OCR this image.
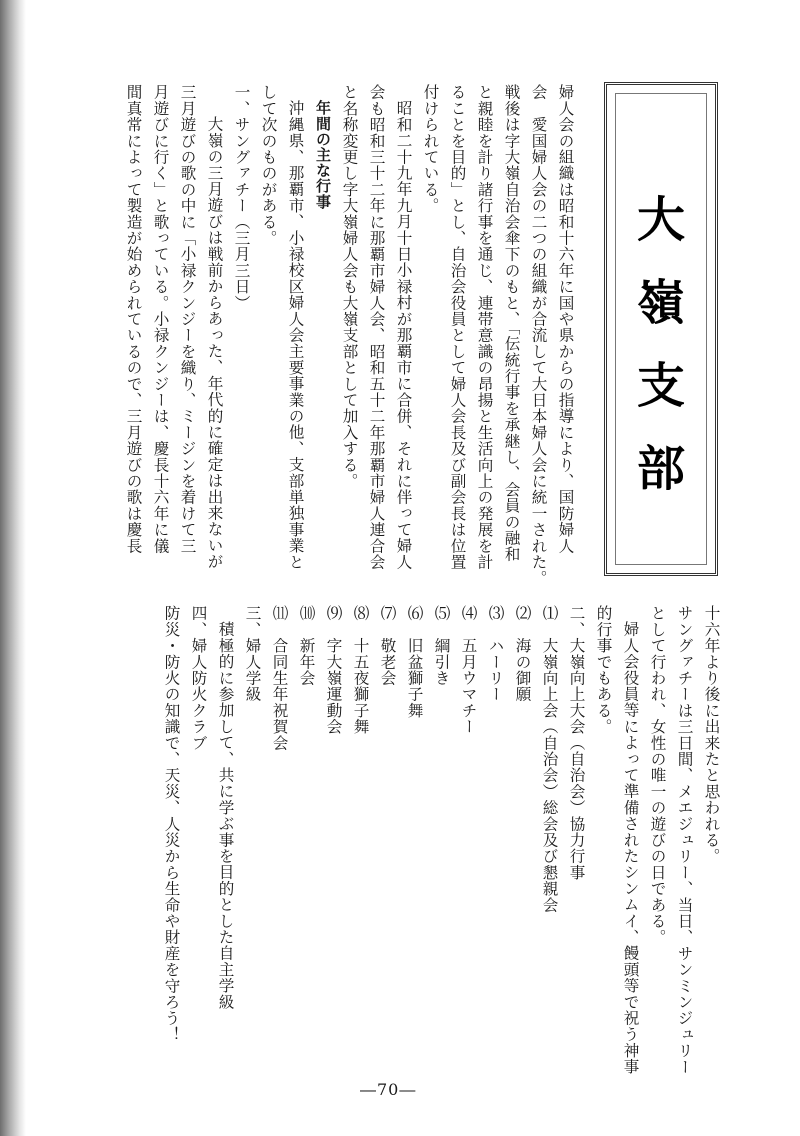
大
嶺
支
部
婦人会の組織は昭和十六年に国や県からの指導により、国防婦人
会　愛国婦人会の二つの組織が合流して大日本婦人会に統一された。
戦後は字大嶺自治会傘下のもと、「伝統行事を承継し、会員の融和
と親睦を計り諸行事を通じ、連帯意識の昂揚と生活向上の発展を計
ることを目的」とし、自治会役員として婦人会長及び副会長は位置
付けられている。
昭和二十九年九月十日小禄村が那覇市に合併、それに伴って婦人
会も昭和三十二年に那覇市婦人会、昭和五十二年那覇市婦人連合会
と名称変更し字大嶺婦人会も大嶺支部として加入する。
年間の主な行事
沖縄県、那覇市、小禄校区婦人会主要事業の他、支部単独事業と
して次のものがある。
一、サングァチー（三月三日）
大嶺の三月遊びは戦前からあった、年代的に確定は出来ないが
三月遊びの歌の中に「小禄クンジーを織り、ミージンを着けて三
月遊びに行く」と歌っている。小禄クンジーは、慶長十六年に儀
間真常によって製造が始められているので、三月遊びの歌は慶長
十六年より後に出来たと思われる。
サングァチーは三日間、メエジュリー、当日、サンミンジュリー
として行われ、女性の唯一の遊びの日である。
婦人会役員等によって準備されたシンムイ、饅頭等で祝う神事
的行事でもある。
二、大嶺向上大会（自治会）協力行事
⑴　大嶺向上会（自治会）総会及び懇親会
⑵　海の御願
⑶　ハーリー
⑷　五月ウマチー
⑸　綱引き
⑹　旧盆獅子舞
⑺　敬老会
⑻　十五夜獅子舞
⑼　字大嶺運動会
⑽　新年会
⑾　合同生年祝賀会
三、婦人学級
積極的に参加して、共に学ぶ事を目的とした自主学級
四、婦人防火クラブ
防災・防火の知識で、天災、人災から生命や財産を守ろう！
―70―
